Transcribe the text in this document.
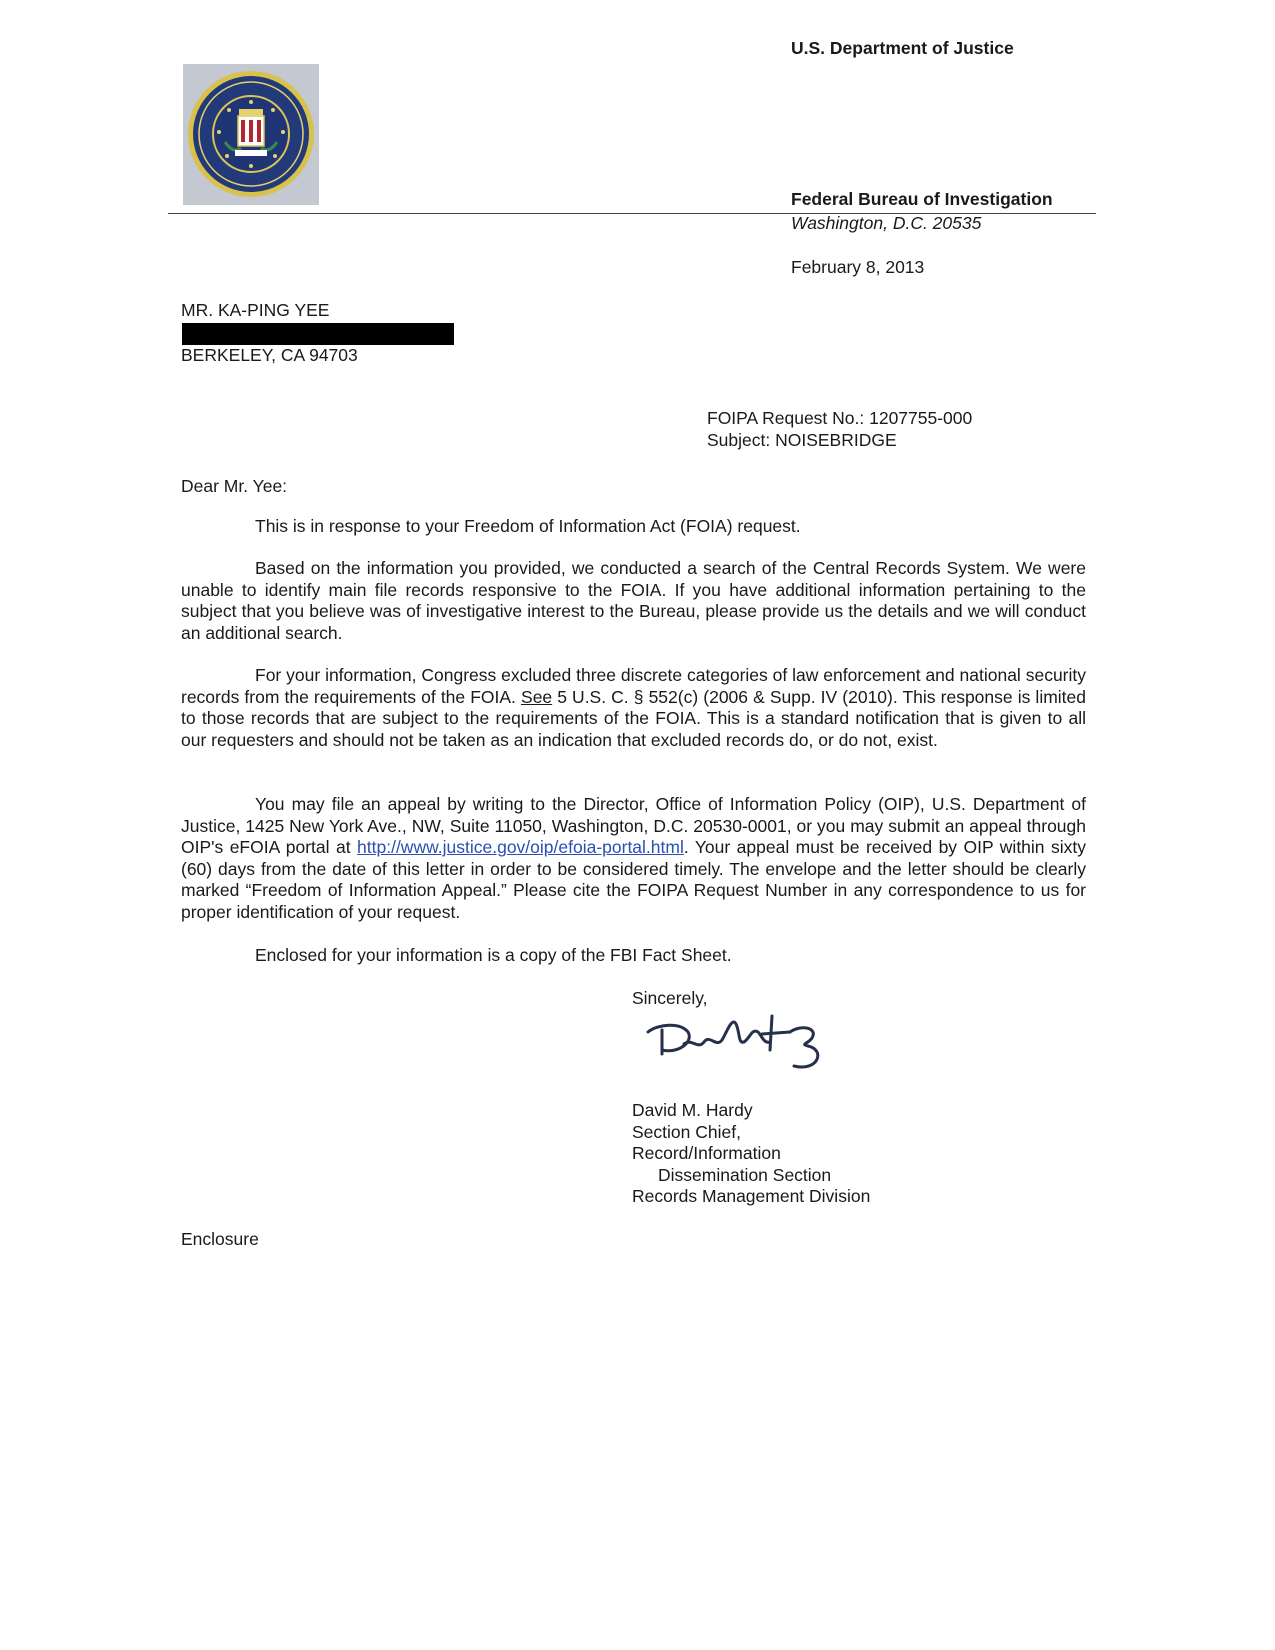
U.S. Department of Justice
Federal Bureau of Investigation
Washington, D.C. 20535
February 8, 2013
MR. KA-PING YEE
BERKELEY, CA 94703
FOIPA Request No.: 1207755-000
Subject: NOISEBRIDGE
Dear Mr. Yee:
This is in response to your Freedom of Information Act (FOIA) request.
Based on the information you provided, we conducted a search of the Central Records System. We were unable to identify main file records responsive to the FOIA. If you have additional information pertaining to the subject that you believe was of investigative interest to the Bureau, please provide us the details and we will conduct an additional search.
For your information, Congress excluded three discrete categories of law enforcement and national security records from the requirements of the FOIA. See 5 U.S. C. § 552(c) (2006 & Supp. IV (2010). This response is limited to those records that are subject to the requirements of the FOIA. This is a standard notification that is given to all our requesters and should not be taken as an indication that excluded records do, or do not, exist.
You may file an appeal by writing to the Director, Office of Information Policy (OIP), U.S. Department of Justice, 1425 New York Ave., NW, Suite 11050, Washington, D.C. 20530-0001, or you may submit an appeal through OIP's eFOIA portal at http://www.justice.gov/oip/efoia-portal.html. Your appeal must be received by OIP within sixty (60) days from the date of this letter in order to be considered timely. The envelope and the letter should be clearly marked “Freedom of Information Appeal.” Please cite the FOIPA Request Number in any correspondence to us for proper identification of your request.
Enclosed for your information is a copy of the FBI Fact Sheet.
Sincerely,
David M. Hardy
Section Chief,
Record/Information
Dissemination Section
Records Management Division
Enclosure
